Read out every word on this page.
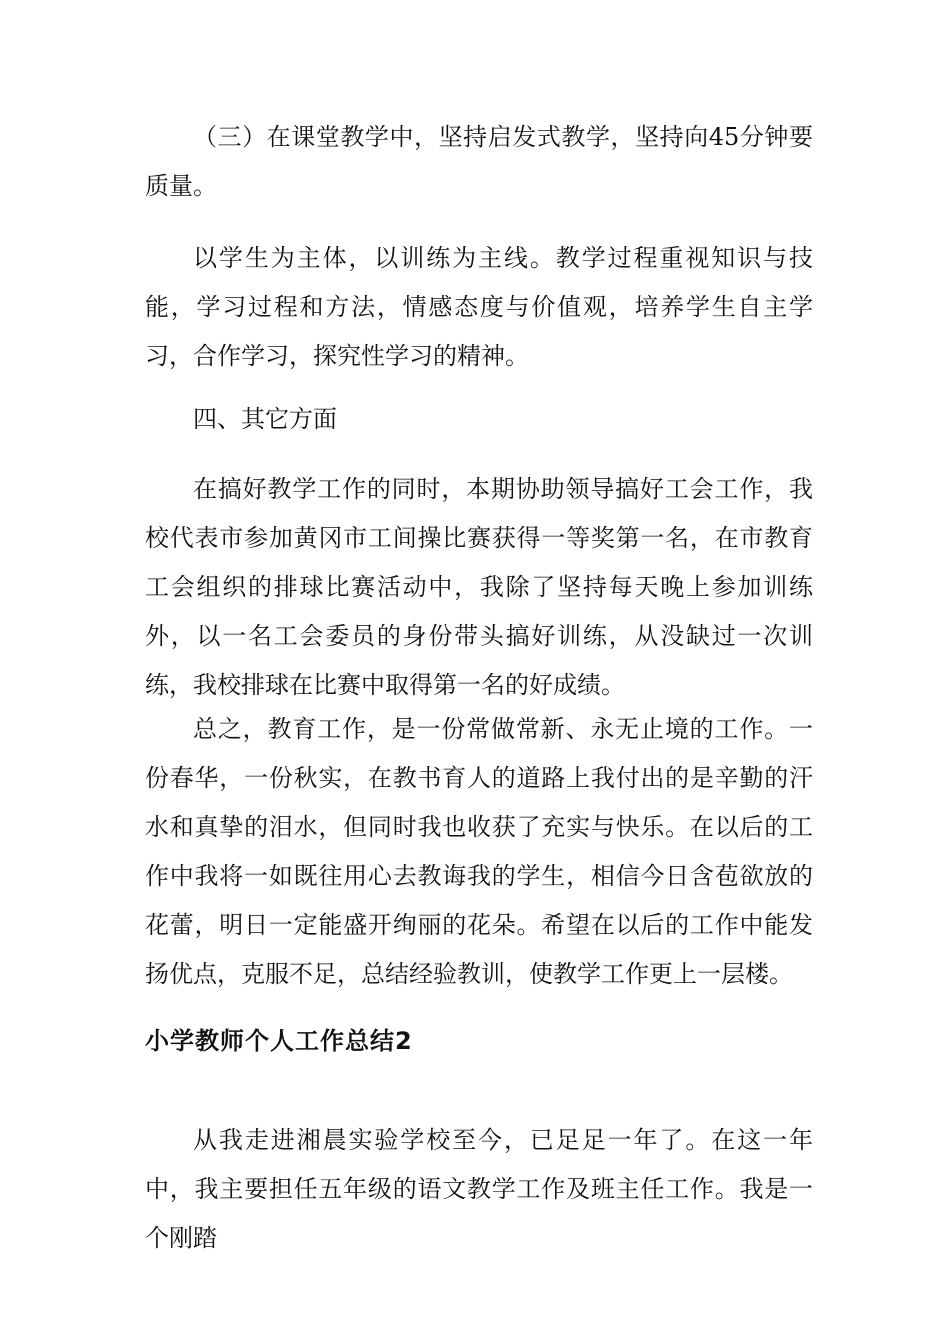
（三）在课堂教学中，坚持启发式教学，坚持向45分钟要质量。

以学生为主体，以训练为主线。教学过程重视知识与技能，学习过程和方法，情感态度与价值观，培养学生自主学习，合作学习，探究性学习的精神。

四、其它方面

在搞好教学工作的同时，本期协助领导搞好工会工作，我校代表市参加黄冈市工间操比赛获得一等奖第一名，在市教育工会组织的排球比赛活动中，我除了坚持每天晚上参加训练外，以一名工会委员的身份带头搞好训练，从没缺过一次训练，我校排球在比赛中取得第一名的好成绩。

总之，教育工作，是一份常做常新、永无止境的工作。一份春华，一份秋实，在教书育人的道路上我付出的是辛勤的汗水和真挚的泪水，但同时我也收获了充实与快乐。在以后的工作中我将一如既往用心去教诲我的学生，相信今日含苞欲放的花蕾，明日一定能盛开绚丽的花朵。希望在以后的工作中能发扬优点，克服不足，总结经验教训，使教学工作更上一层楼。

小学教师个人工作总结2

从我走进湘晨实验学校至今，已足足一年了。在这一年中，我主要担任五年级的语文教学工作及班主任工作。我是一个刚踏
